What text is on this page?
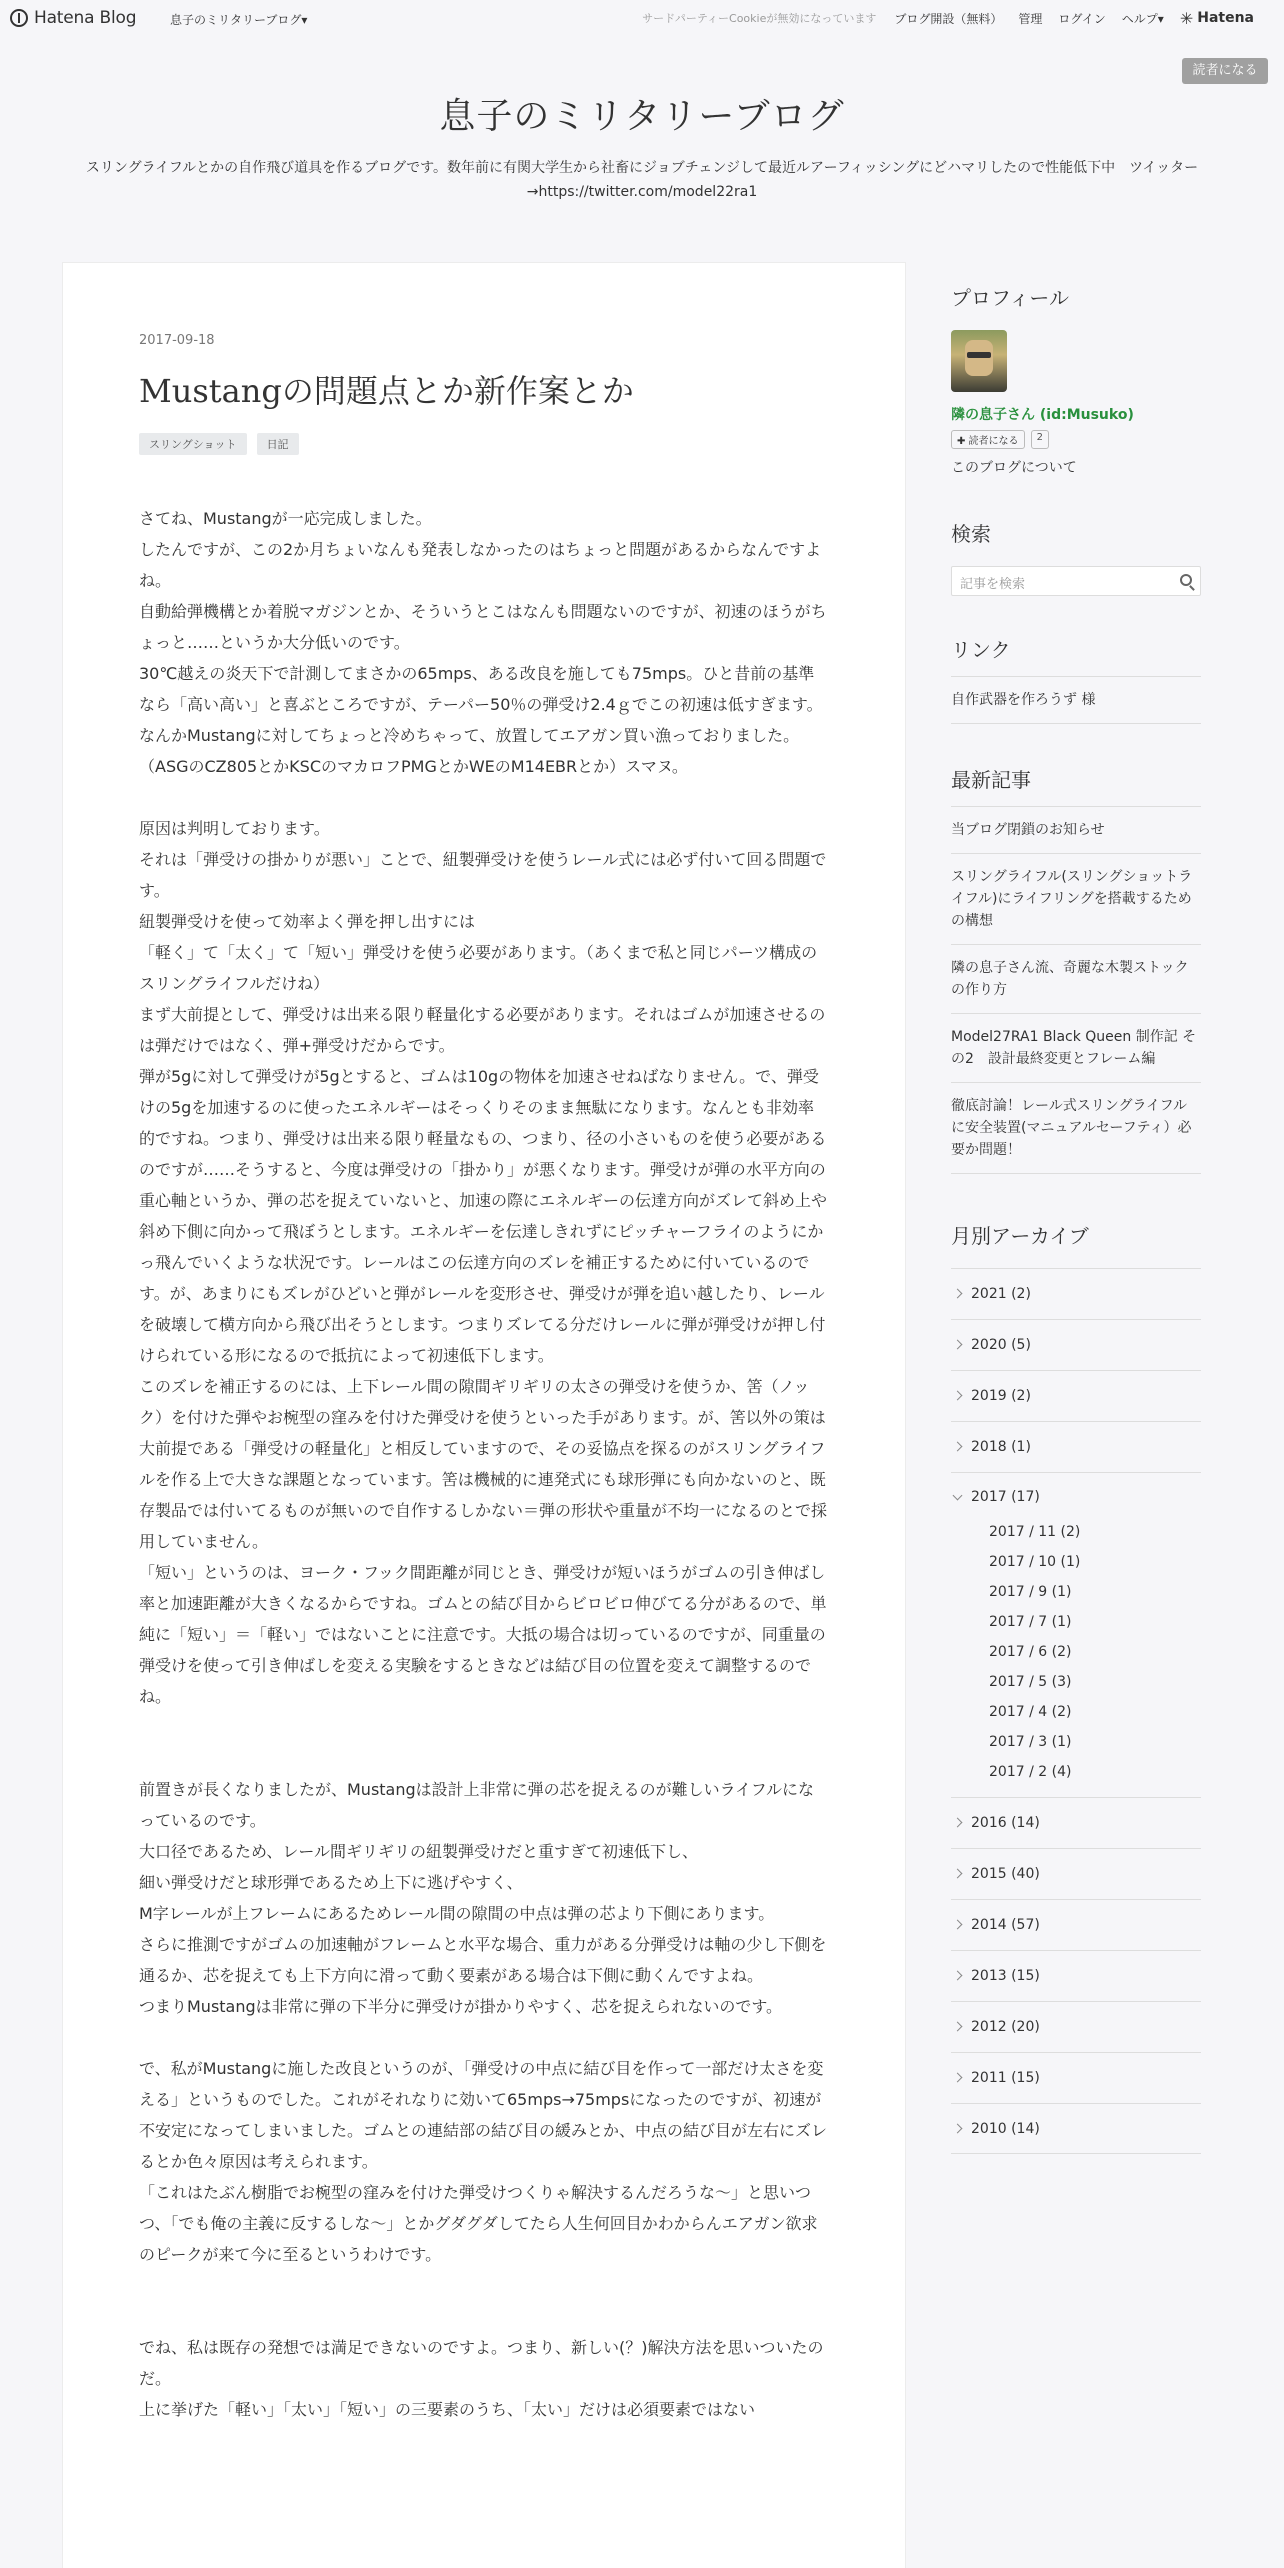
Hatena Blog	息子のミリタリーブログ▾	サードパーティーCookieが無効になっています ブログ開設（無料） 管理 ログイン ヘルプ▾ ✳ Hatena
読者になる
息子のミリタリーブログ
スリングライフルとかの自作飛び道具を作るブログです。数年前に有関大学生から社畜にジョブチェンジして最近ルアーフィッシングにどハマリしたので性能低下中　ツイッター→https://twitter.com/model22ra1
2017-09-18
Mustangの問題点とか新作案とか
スリングショット	日記

さてね、Mustangが一応完成しました。
したんですが、この2か月ちょいなんも発表しなかったのはちょっと問題があるからなんですよね。
自動給弾機構とか着脱マガジンとか、そういうとこはなんも問題ないのですが、初速のほうがちょっと……というか大分低いのです。
30℃越えの炎天下で計測してまさかの65mps、ある改良を施しても75mps。ひと昔前の基準なら「高い高い」と喜ぶところですが、テーパー50％の弾受け2.4ｇでこの初速は低すぎます。
なんかMustangに対してちょっと冷めちゃって、放置してエアガン買い漁っておりました。（ASGのCZ805とかKSCのマカロフPMGとかWEのM14EBRとか）スマヌ。

原因は判明しております。
それは「弾受けの掛かりが悪い」ことで、紐製弾受けを使うレール式には必ず付いて回る問題です。
紐製弾受けを使って効率よく弾を押し出すには
「軽く」て「太く」て「短い」弾受けを使う必要があります。（あくまで私と同じパーツ構成のスリングライフルだけね）
まず大前提として、弾受けは出来る限り軽量化する必要があります。それはゴムが加速させるのは弾だけではなく、弾+弾受けだからです。
弾が5gに対して弾受けが5gとすると、ゴムは10gの物体を加速させねばなりません。で、弾受けの5gを加速するのに使ったエネルギーはそっくりそのまま無駄になります。なんとも非効率的ですね。つまり、弾受けは出来る限り軽量なもの、つまり、径の小さいものを使う必要があるのですが……そうすると、今度は弾受けの「掛かり」が悪くなります。弾受けが弾の水平方向の重心軸というか、弾の芯を捉えていないと、加速の際にエネルギーの伝達方向がズレて斜め上や斜め下側に向かって飛ぼうとします。エネルギーを伝達しきれずにピッチャーフライのようにかっ飛んでいくような状況です。レールはこの伝達方向のズレを補正するために付いているのです。が、あまりにもズレがひどいと弾がレールを変形させ、弾受けが弾を追い越したり、レールを破壊して横方向から飛び出そうとします。つまりズレてる分だけレールに弾が弾受けが押し付けられている形になるので抵抗によって初速低下します。
このズレを補正するのには、上下レール間の隙間ギリギリの太さの弾受けを使うか、筈（ノック）を付けた弾やお椀型の窪みを付けた弾受けを使うといった手があります。が、筈以外の策は大前提である「弾受けの軽量化」と相反していますので、その妥協点を探るのがスリングライフルを作る上で大きな課題となっています。筈は機械的に連発式にも球形弾にも向かないのと、既存製品では付いてるものが無いので自作するしかない＝弾の形状や重量が不均一になるのとで採用していません。
「短い」というのは、ヨーク・フック間距離が同じとき、弾受けが短いほうがゴムの引き伸ばし率と加速距離が大きくなるからですね。ゴムとの結び目からビロビロ伸びてる分があるので、単純に「短い」＝「軽い」ではないことに注意です。大抵の場合は切っているのですが、同重量の弾受けを使って引き伸ばしを変える実験をするときなどは結び目の位置を変えて調整するのでね。

前置きが長くなりましたが、Mustangは設計上非常に弾の芯を捉えるのが難しいライフルになっているのです。
大口径であるため、レール間ギリギリの紐製弾受けだと重すぎて初速低下し、
細い弾受けだと球形弾であるため上下に逃げやすく、
M字レールが上フレームにあるためレール間の隙間の中点は弾の芯より下側にあります。
さらに推測ですがゴムの加速軸がフレームと水平な場合、重力がある分弾受けは軸の少し下側を通るか、芯を捉えても上下方向に滑って動く要素がある場合は下側に動くんですよね。
つまりMustangは非常に弾の下半分に弾受けが掛かりやすく、芯を捉えられないのです。

で、私がMustangに施した改良というのが、「弾受けの中点に結び目を作って一部だけ太さを変える」というものでした。これがそれなりに効いて65mps→75mpsになったのですが、初速が不安定になってしまいました。ゴムとの連結部の結び目の緩みとか、中点の結び目が左右にズレるとか色々原因は考えられます。
「これはたぶん樹脂でお椀型の窪みを付けた弾受けつくりゃ解決するんだろうな〜」と思いつつ、「でも俺の主義に反するしな〜」とかグダグダしてたら人生何回目かわからんエアガン欲求のピークが来て今に至るというわけです。

でね、私は既存の発想では満足できないのですよ。つまり、新しい(？)解決方法を思いついたのだ。
上に挙げた「軽い」「太い」「短い」の三要素のうち、「太い」だけは必須要素ではない

プロフィール
隣の息子さん (id:Musuko)
✚ 読者になる	2
このブログについて
検索
記事を検索
リンク
自作武器を作ろうず 様
最新記事
当ブログ閉鎖のお知らせ
スリングライフル(スリングショットライフル)にライフリングを搭載するための構想
隣の息子さん流、奇麗な木製ストックの作り方
Model27RA1 Black Queen 制作記 その2　設計最終変更とフレーム編
徹底討論！レール式スリングライフルに安全装置(マニュアルセーフティ）必要か問題！
月別アーカイブ
2021 (2)
2020 (5)
2019 (2)
2018 (1)
2017 (17)
2017 / 11 (2)
2017 / 10 (1)
2017 / 9 (1)
2017 / 7 (1)
2017 / 6 (2)
2017 / 5 (3)
2017 / 4 (2)
2017 / 3 (1)
2017 / 2 (4)
2016 (14)
2015 (40)
2014 (57)
2013 (15)
2012 (20)
2011 (15)
2010 (14)
